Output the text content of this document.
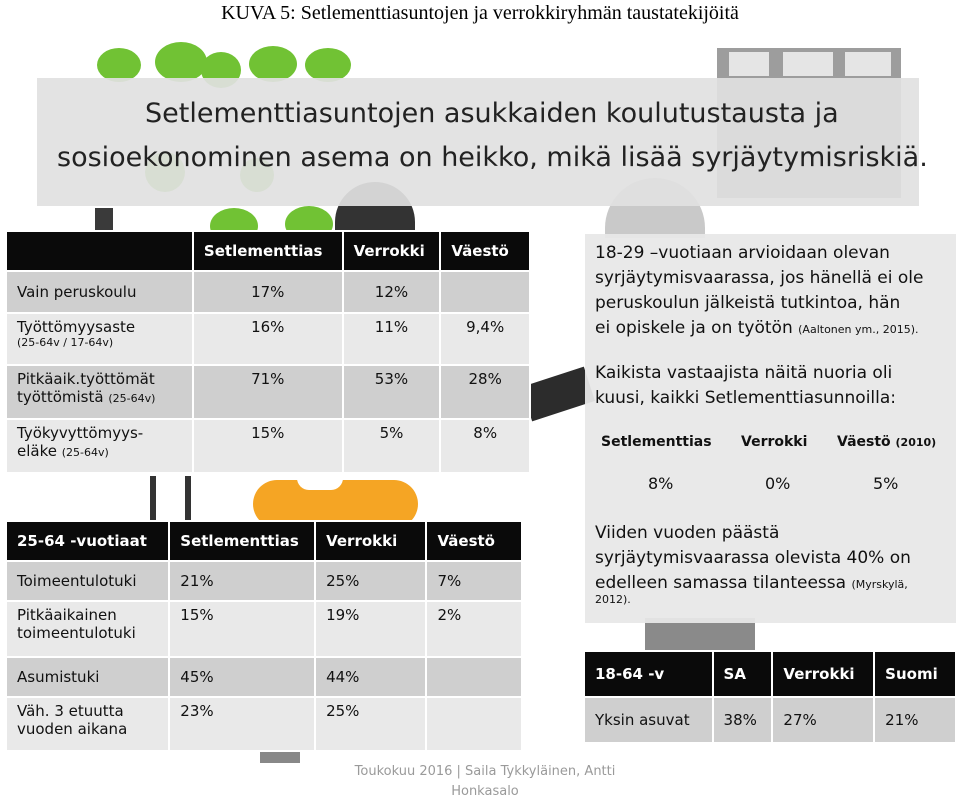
KUVA 5: Setlementtiasuntojen ja verrokkiryhmän taustatekijöitä
Setlementtiasuntojen asukkaiden koulutustausta ja
sosioekonominen asema on heikko, mikä lisää syrjäytymisriskiä.
	Setlementtias	Verrokki	Väestö
Vain peruskoulu	17%	12%	

Työttömyysaste
(25-64v / 17-64v)	16%	11%	9,4%
Pitkäaik.työttömät työttömistä (25-64v)	71%	53%	28%
Työkyvyttömyys-eläke (25-64v)	15%	5%	8%
25-64 -vuotiaat	Setlementtias	Verrokki	Väestö
Toimeentulotuki	21%	25%	7%
Pitkäaikainen toimeentulotuki	15%	19%	2%
Asumistuki	45%	44%	
Väh. 3 etuutta vuoden aikana	23%	25%	

18-29 –vuotiaan arvioidaan olevan

syrjäytymisvaarassa, jos hänellä ei ole

peruskoulun jälkeistä tutkintoa, hän

ei opiskele ja on työtön (Aaltonen ym., 2015).

Kaikista vastaajista näitä nuoria oli

kuusi, kaikki Setlementtiasunnoilla:

Setlementtias Verrokki Väestö (2010)
8%	0%	5%

Viiden vuoden päästä

syrjäytymisvaarassa olevista 40% on

edelleen samassa tilanteessa (Myrskylä,

2012).

18-64 -v	SA	Verrokki	Suomi
Yksin asuvat	38%	27%	21%
Toukokuu 2016 | Saila Tykkyläinen, Antti
Honkasalo
